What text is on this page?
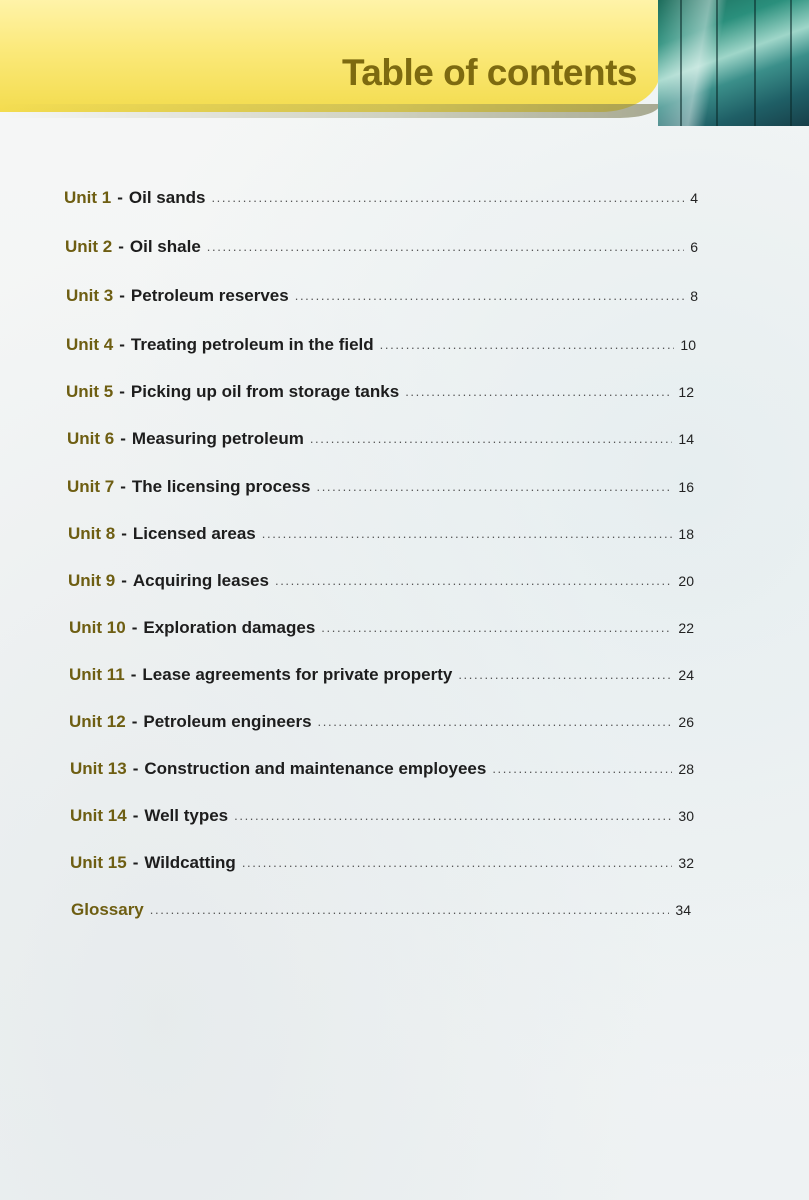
Table of contents
Unit 1 - Oil sands . . .	4
Unit 2 - Oil shale . . .	6
Unit 3 - Petroleum reserves . . .	8
Unit 4 - Treating petroleum in the field . . .	10
Unit 5 - Picking up oil from storage tanks . . .	12
Unit 6 - Measuring petroleum . . .	14
Unit 7 - The licensing process . . .	16
Unit 8 - Licensed areas . . .	18
Unit 9 - Acquiring leases . . .	20
Unit 10 - Exploration damages . . .	22
Unit 11 - Lease agreements for private property . . .	24
Unit 12 - Petroleum engineers . . .	26
Unit 13 - Construction and maintenance employees . . .	28
Unit 14 - Well types . . .	30
Unit 15 - Wildcatting . . .	32
Glossary . . .	34
